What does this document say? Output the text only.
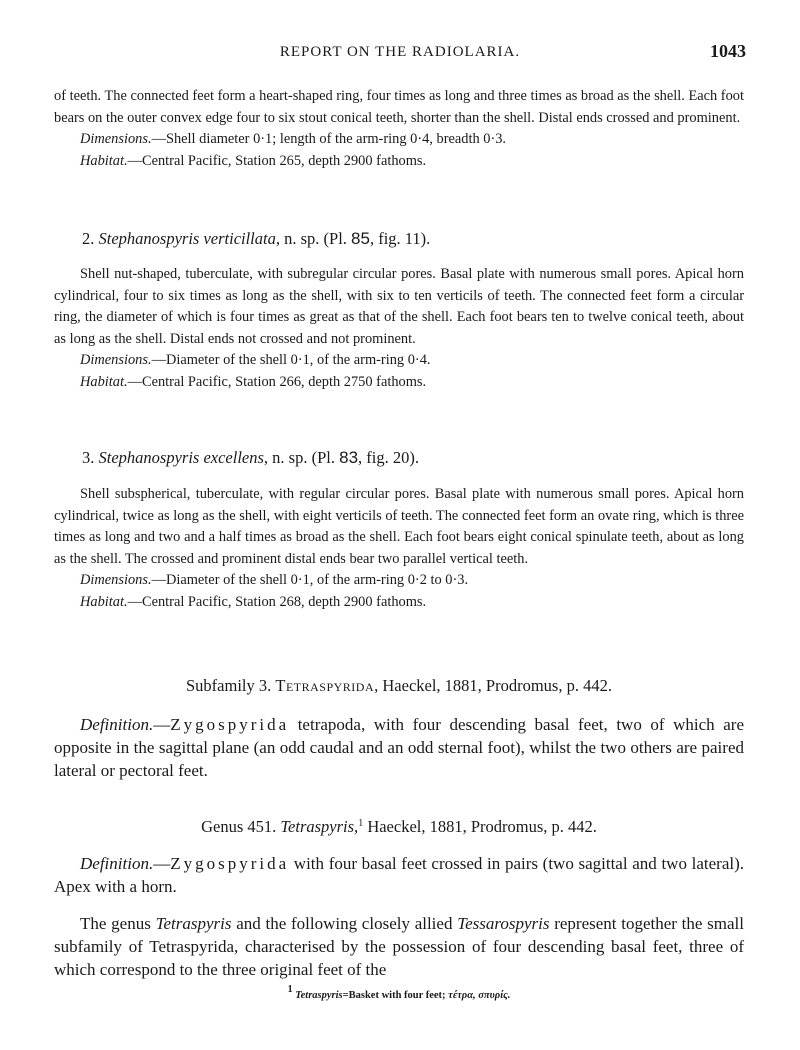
REPORT ON THE RADIOLARIA.	1043

of teeth. The connected feet form a heart-shaped ring, four times as long and three times as broad as the shell. Each foot bears on the outer convex edge four to six stout conical teeth, shorter than the shell. Distal ends crossed and prominent.

Dimensions.—Shell diameter 0·1; length of the arm-ring 0·4, breadth 0·3.

Habitat.—Central Pacific, Station 265, depth 2900 fathoms.

2. Stephanospyris verticillata, n. sp. (Pl. 85, fig. 11).

Shell nut-shaped, tuberculate, with subregular circular pores. Basal plate with numerous small pores. Apical horn cylindrical, four to six times as long as the shell, with six to ten verticils of teeth. The connected feet form a circular ring, the diameter of which is four times as great as that of the shell. Each foot bears ten to twelve conical teeth, about as long as the shell. Distal ends not crossed and not prominent.

Dimensions.—Diameter of the shell 0·1, of the arm-ring 0·4.

Habitat.—Central Pacific, Station 266, depth 2750 fathoms.

3. Stephanospyris excellens, n. sp. (Pl. 83, fig. 20).

Shell subspherical, tuberculate, with regular circular pores. Basal plate with numerous small pores. Apical horn cylindrical, twice as long as the shell, with eight verticils of teeth. The connected feet form an ovate ring, which is three times as long and two and a half times as broad as the shell. Each foot bears eight conical spinulate teeth, about as long as the shell. The crossed and prominent distal ends bear two parallel vertical teeth.

Dimensions.—Diameter of the shell 0·1, of the arm-ring 0·2 to 0·3.

Habitat.—Central Pacific, Station 268, depth 2900 fathoms.

Subfamily 3. Tetraspyrida, Haeckel, 1881, Prodromus, p. 442.

Definition.—Zygospyrida tetrapoda, with four descending basal feet, two of which are opposite in the sagittal plane (an odd caudal and an odd sternal foot), whilst the two others are paired lateral or pectoral feet.

Genus 451. Tetraspyris,$^1$ Haeckel, 1881, Prodromus, p. 442.

Definition.—Zygospyrida with four basal feet crossed in pairs (two sagittal and two lateral). Apex with a horn.

The genus Tetraspyris and the following closely allied Tessarospyris represent together the small subfamily of Tetraspyrida, characterised by the possession of four descending basal feet, three of which correspond to the three original feet of the

$^1$ Tetraspyris=Basket with four feet; τέτρα, σπυρίς.
